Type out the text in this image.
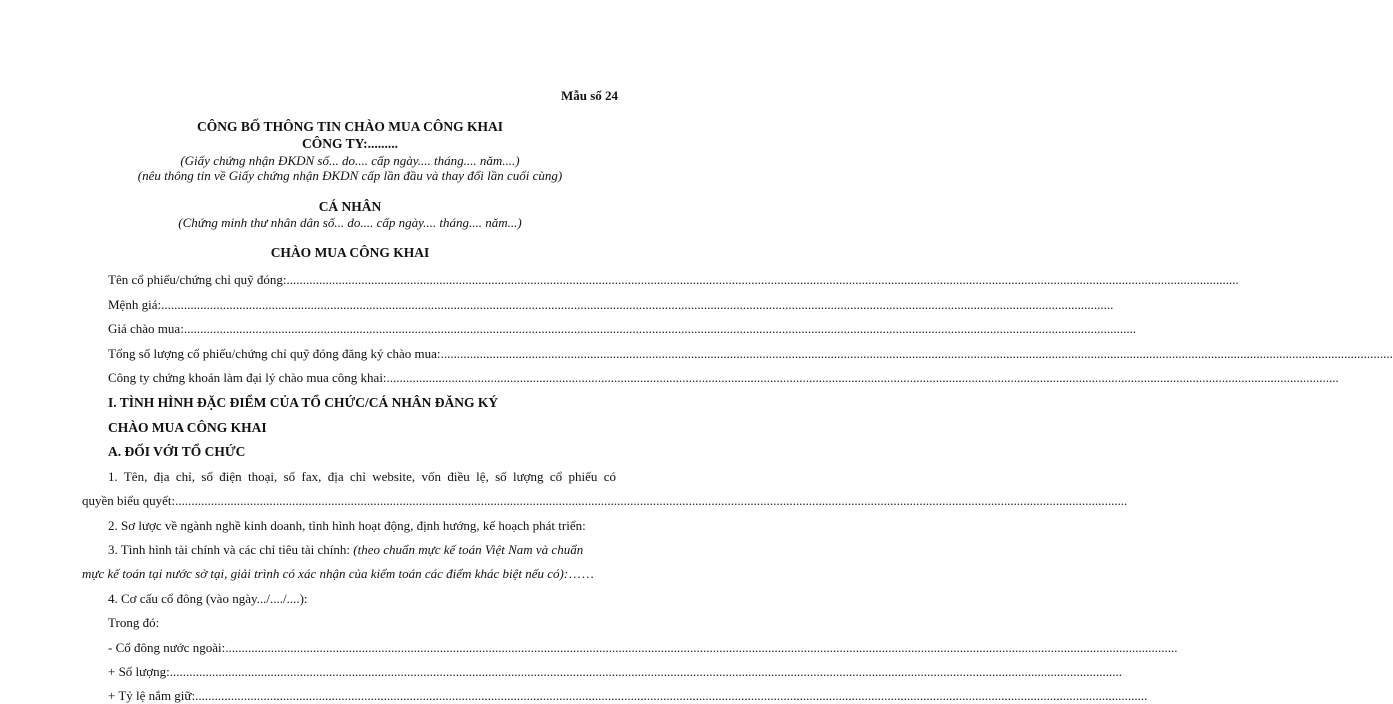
Mẫu số 24
CÔNG BỐ THÔNG TIN CHÀO MUA CÔNG KHAI
CÔNG TY:.........
(Giấy chứng nhận ĐKDN số... do.... cấp ngày.... tháng.... năm....)
(nêu thông tin về Giấy chứng nhận ĐKDN cấp lần đầu và thay đổi lần cuối cùng)
CÁ NHÂN
(Chứng minh thư nhân dân số... do.... cấp ngày.... tháng.... năm...)
CHÀO MUA CÔNG KHAI
Tên cổ phiếu/chứng chỉ quỹ đóng: .....................................................................................................................................................................................................................................................................................................
Mệnh giá: .....................................................................................................................................................................................................................................................................................................
Giá chào mua: .....................................................................................................................................................................................................................................................................................................
Tổng số lượng cổ phiếu/chứng chỉ quỹ đóng đăng ký chào mua: .....................................................................................................................................................................................................................................................................................................
Công ty chứng khoán làm đại lý chào mua công khai: .....................................................................................................................................................................................................................................................................................................
I. TÌNH HÌNH ĐẶC ĐIỂM CỦA TỔ CHỨC/CÁ NHÂN ĐĂNG KÝ
CHÀO MUA CÔNG KHAI
A. ĐỐI VỚI TỔ CHỨC
1. Tên, địa chỉ, số điện thoại, số fax, địa chỉ website, vốn điều lệ, số lượng cổ phiếu có
quyền biểu quyết: .....................................................................................................................................................................................................................................................................................................
2. Sơ lược về ngành nghề kinh doanh, tình hình hoạt động, định hướng, kế hoạch phát triển:
3. Tình hình tài chính và các chỉ tiêu tài chính: (theo chuẩn mực kế toán Việt Nam và chuẩn
mực kế toán tại nước sở tại, giải trình có xác nhận của kiểm toán các điểm khác biệt nếu có):……
4. Cơ cấu cổ đông (vào ngày.../..../....):
Trong đó:
- Cổ đông nước ngoài: .....................................................................................................................................................................................................................................................................................................
+ Số lượng: .....................................................................................................................................................................................................................................................................................................
+ Tỷ lệ nắm giữ: .....................................................................................................................................................................................................................................................................................................
